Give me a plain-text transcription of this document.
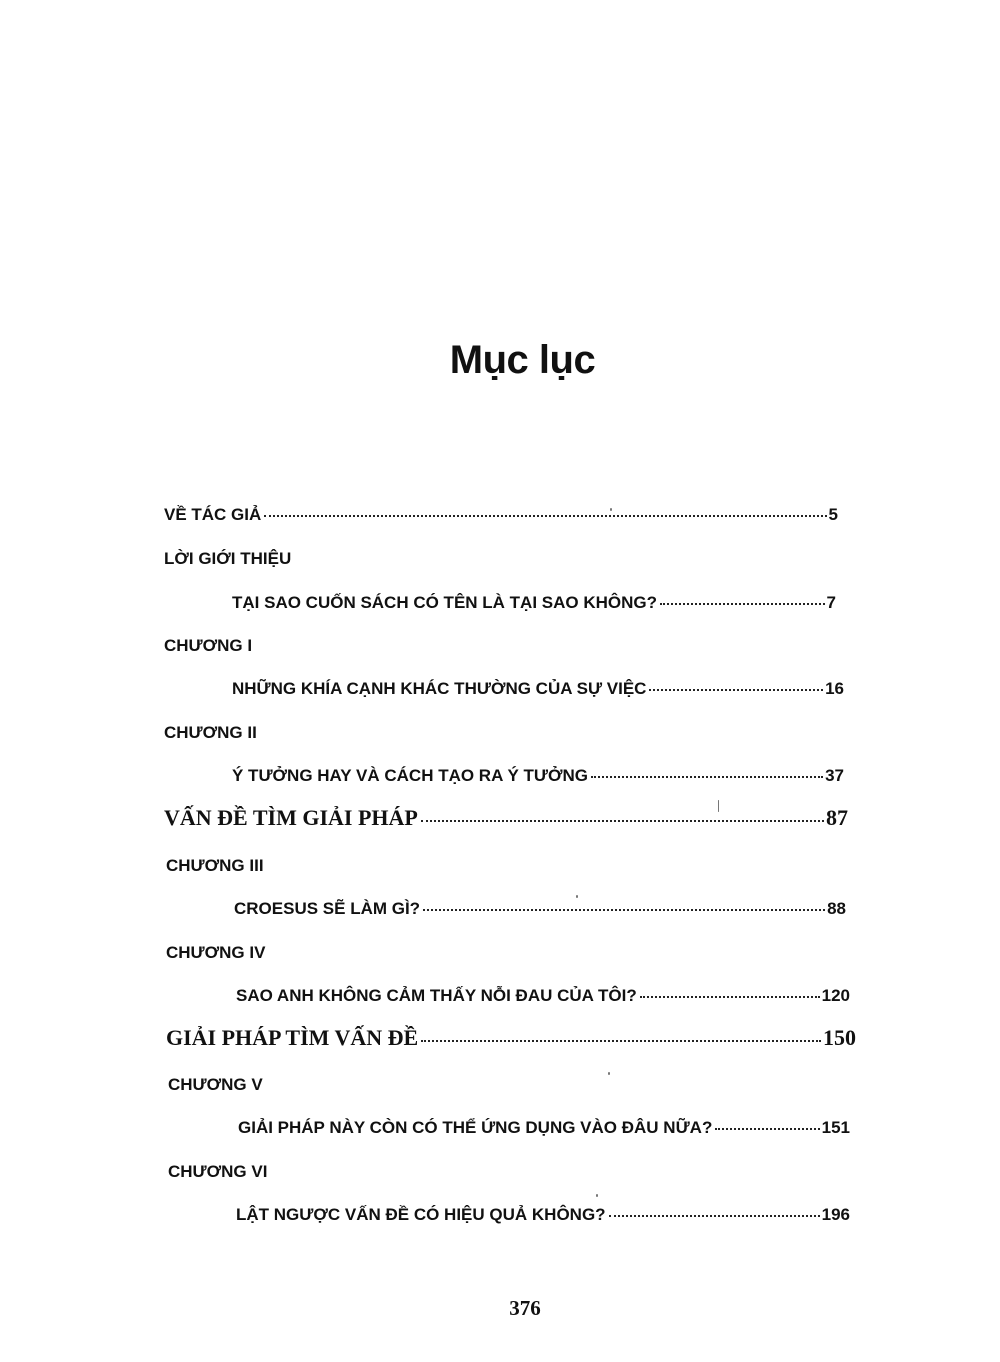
Mục lục
VỀ TÁC GIẢ	5
LỜI GIỚI THIỆU
TẠI SAO CUỐN SÁCH CÓ TÊN LÀ TẠI SAO KHÔNG?	7
CHƯƠNG I
NHỮNG KHÍA CẠNH KHÁC THƯỜNG CỦA SỰ VIỆC	16
CHƯƠNG II
Ý TƯỞNG HAY VÀ CÁCH TẠO RA Ý TƯỞNG	37
VẤN ĐỀ TÌM GIẢI PHÁP	87
CHƯƠNG III
CROESUS SẼ LÀM GÌ?	88
CHƯƠNG IV
SAO ANH KHÔNG CẢM THẤY NỖI ĐAU CỦA TÔI?	120
GIẢI PHÁP TÌM VẤN ĐỀ	150
CHƯƠNG V
GIẢI PHÁP NÀY CÒN CÓ THỂ ỨNG DỤNG VÀO ĐÂU NỮA?	151
CHƯƠNG VI
LẬT NGƯỢC VẤN ĐỀ CÓ HIỆU QUẢ KHÔNG?	196
376
